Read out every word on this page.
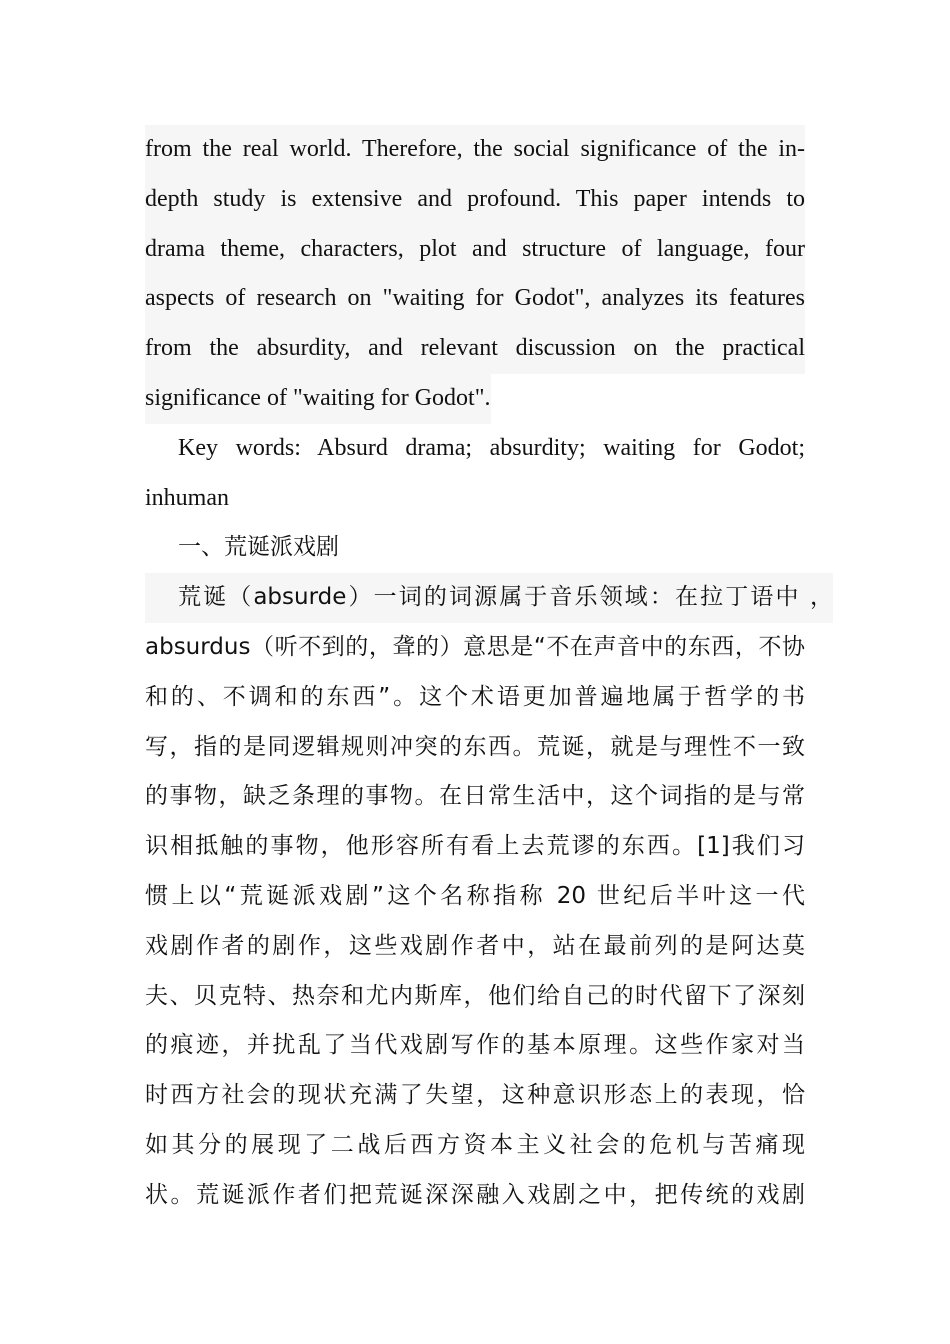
from the real world. Therefore, the social significance of the in-
depth study is extensive and profound. This paper intends to
drama theme, characters, plot and structure of language, four
aspects of research on "waiting for Godot", analyzes its features
from the absurdity, and relevant discussion on the practical
significance of "waiting for Godot".
Key words: Absurd drama; absurdity; waiting for Godot;
inhuman
一、荒诞派戏剧
荒诞（absurde）一词的词源属于音乐领域：在拉丁语中 ，
absurdus（听不到的，聋的）意思是“不在声音中的东西，不协
和的、不调和的东西”。这个术语更加普遍地属于哲学的书
写，指的是同逻辑规则冲突的东西。荒诞，就是与理性不一致
的事物，缺乏条理的事物。在日常生活中，这个词指的是与常
识相抵触的事物，他形容所有看上去荒谬的东西。[1]我们习
惯上以“荒诞派戏剧”这个名称指称 20 世纪后半叶这一代
戏剧作者的剧作，这些戏剧作者中，站在最前列的是阿达莫
夫、贝克特、热奈和尤内斯库，他们给自己的时代留下了深刻
的痕迹，并扰乱了当代戏剧写作的基本原理。这些作家对当
时西方社会的现状充满了失望，这种意识形态上的表现，恰
如其分的展现了二战后西方资本主义社会的危机与苦痛现
状。荒诞派作者们把荒诞深深融入戏剧之中，把传统的戏剧
